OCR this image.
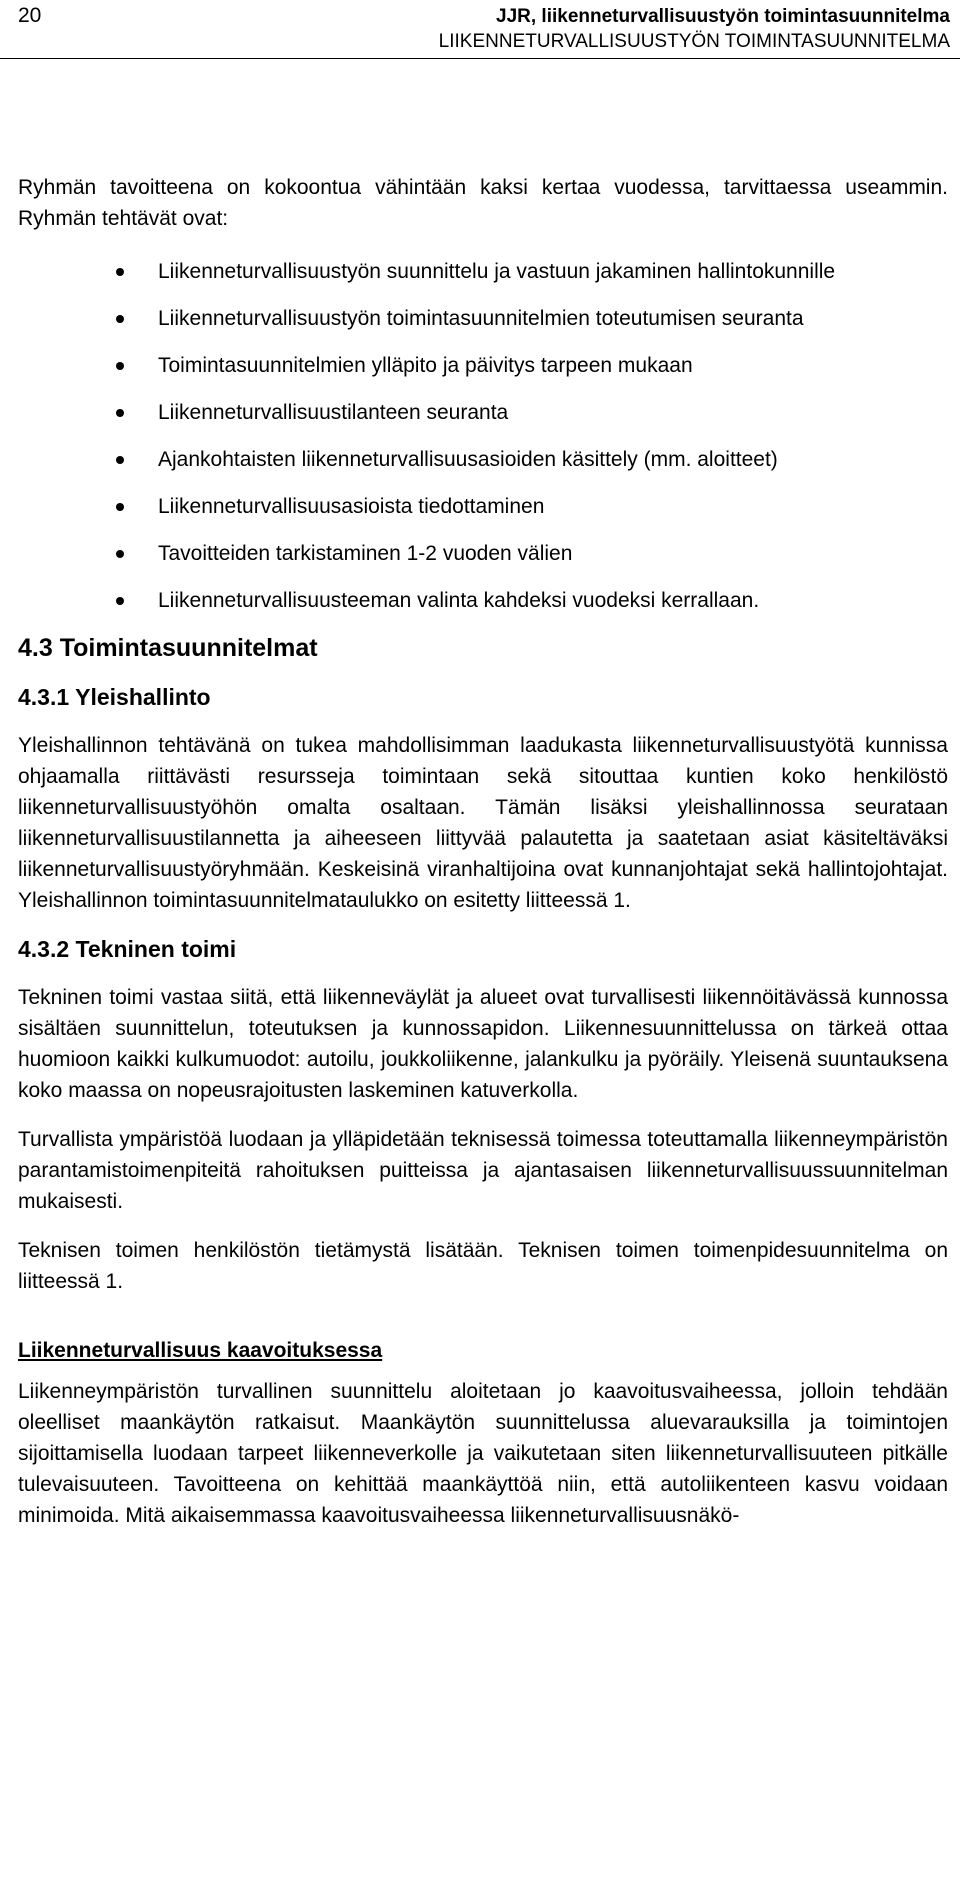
20	JJR, liikenneturvallisuustyön toimintasuunnitelma
LIIKENNETURVALLISUUSTYÖN TOIMINTASUUNNITELMA

Ryhmän tavoitteena on kokoontua vähintään kaksi kertaa vuodessa, tarvittaessa useammin. Ryhmän tehtävät ovat:

Liikenneturvallisuustyön suunnittelu ja vastuun jakaminen hallintokunnille
Liikenneturvallisuustyön toimintasuunnitelmien toteutumisen seuranta
Toimintasuunnitelmien ylläpito ja päivitys tarpeen mukaan
Liikenneturvallisuustilanteen seuranta
Ajankohtaisten liikenneturvallisuusasioiden käsittely (mm. aloitteet)
Liikenneturvallisuusasioista tiedottaminen
Tavoitteiden tarkistaminen 1-2 vuoden välien
Liikenneturvallisuusteeman valinta kahdeksi vuodeksi kerrallaan.
4.3 Toimintasuunnitelmat
4.3.1 Yleishallinto

Yleishallinnon tehtävänä on tukea mahdollisimman laadukasta liikenneturvallisuustyötä kunnissa ohjaamalla riittävästi resursseja toimintaan sekä sitouttaa kuntien koko henkilöstö liikenneturvallisuustyöhön omalta osaltaan. Tämän lisäksi yleishallinnossa seurataan liikenneturvallisuustilannetta ja aiheeseen liittyvää palautetta ja saatetaan asiat käsiteltäväksi liikenneturvallisuustyöryhmään. Keskeisinä viranhaltijoina ovat kunnanjohtajat sekä hallintojohtajat. Yleishallinnon toimintasuunnitelmataulukko on esitetty liitteessä 1.

4.3.2 Tekninen toimi

Tekninen toimi vastaa siitä, että liikenneväylät ja alueet ovat turvallisesti liikennöitävässä kunnossa sisältäen suunnittelun, toteutuksen ja kunnossapidon. Liikennesuunnittelussa on tärkeä ottaa huomioon kaikki kulkumuodot: autoilu, joukkoliikenne, jalankulku ja pyöräily. Yleisenä suuntauksena koko maassa on nopeusrajoitusten laskeminen katuverkolla.

Turvallista ympäristöä luodaan ja ylläpidetään teknisessä toimessa toteuttamalla liikenneympäristön parantamistoimenpiteitä rahoituksen puitteissa ja ajantasaisen liikenneturvallisuussuunnitelman mukaisesti.

Teknisen toimen henkilöstön tietämystä lisätään. Teknisen toimen toimenpidesuunnitelma on liitteessä 1.

Liikenneturvallisuus kaavoituksessa

Liikenneympäristön turvallinen suunnittelu aloitetaan jo kaavoitusvaiheessa, jolloin tehdään oleelliset maankäytön ratkaisut. Maankäytön suunnittelussa aluevarauksilla ja toimintojen sijoittamisella luodaan tarpeet liikenneverkolle ja vaikutetaan siten liikenneturvallisuuteen pitkälle tulevaisuuteen. Tavoitteena on kehittää maankäyttöä niin, että autoliikenteen kasvu voidaan minimoida. Mitä aikaisemmassa kaavoitusvaiheessa liikenneturvallisuusnäkö-
